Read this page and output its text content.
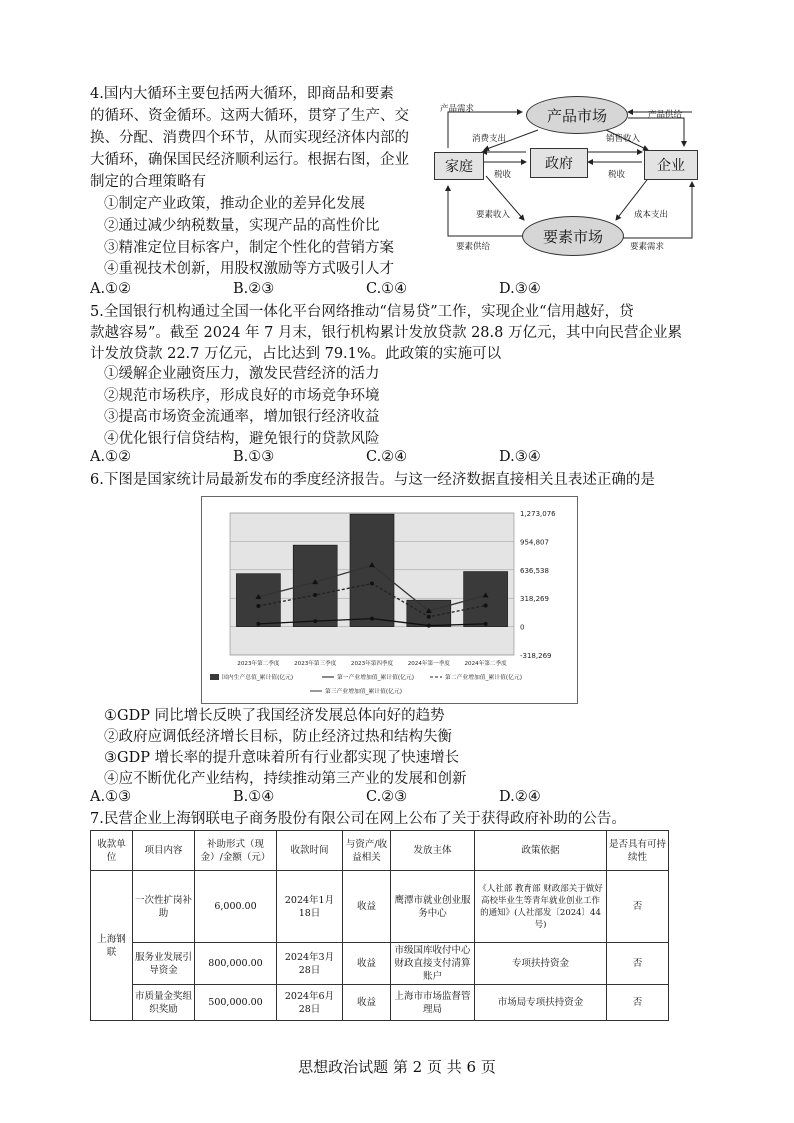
4.国内大循环主要包括两大循环，即商品和要素
的循环、资金循环。这两大循环，贯穿了生产、交
换、分配、消费四个环节，从而实现经济体内部的
大循环，确保国民经济顺利运行。根据右图，企业
制定的合理策略有
①制定产业政策，推动企业的差异化发展
②通过减少纳税数量，实现产品的高性价比
③精准定位目标客户，制定个性化的营销方案
④重视技术创新，用股权激励等方式吸引人才
A.①②	B.②③	C.①④	D.③④
产品市场
要素市场
家庭	政府	企业
产品需求
消费支出	销售收入
产品供给
税收	税收
要素收入	成本支出
要素供给	要素需求
5.全国银行机构通过全国一体化平台网络推动“信易贷”工作，实现企业“信用越好，贷
款越容易”。截至 2024 年 7 月末，银行机构累计发放贷款 28.8 万亿元，其中向民营企业累
计发放贷款 22.7 万亿元，占比达到 79.1%。此政策的实施可以
①缓解企业融资压力，激发民营经济的活力
②规范市场秩序，形成良好的市场竞争环境
③提高市场资金流通率，增加银行经济收益
④优化银行信贷结构，避免银行的贷款风险
A.①②	B.①③	C.②④	D.③④
6.下图是国家统计局最新发布的季度经济报告。与这一经济数据直接相关且表述正确的是
1,273,076
954,807
636,538
318,269
0
-318,269
2023年第二季度	2023年第三季度	2023年第四季度	2024年第一季度	2024年第二季度
国内生产总值_累计值(亿元)	第一产业增加值_累计值(亿元)	第二产业增加值_累计值(亿元)
第三产业增加值_累计值(亿元)
①GDP 同比增长反映了我国经济发展总体向好的趋势
②政府应调低经济增长目标，防止经济过热和结构失衡
③GDP 增长率的提升意味着所有行业都实现了快速增长
④应不断优化产业结构，持续推动第三产业的发展和创新
A.①③	B.①④	C.②③	D.②④
7.民营企业上海钢联电子商务股份有限公司在网上公布了关于获得政府补助的公告。
收款单位	项目内容	补助形式（现金）/金额（元）	收款时间	与资产/收益相关	发放主体	政策依据	是否具有可持续性
上海钢联	一次性扩岗补助	6,000.00	2024年1月18日	收益	鹰潭市就业创业服务中心	《人社部 教育部 财政部关于做好高校毕业生等青年就业创业工作的通知》(人社部发〔2024〕44号)	否
	服务业发展引导资金	800,000.00	2024年3月28日	收益	市级国库收付中心财政直接支付清算账户	专项扶持资金	否
	市质量金奖组织奖励	500,000.00	2024年6月28日	收益	上海市市场监督管理局	市场局专项扶持资金	否
思想政治试题 第 2 页 共 6 页
